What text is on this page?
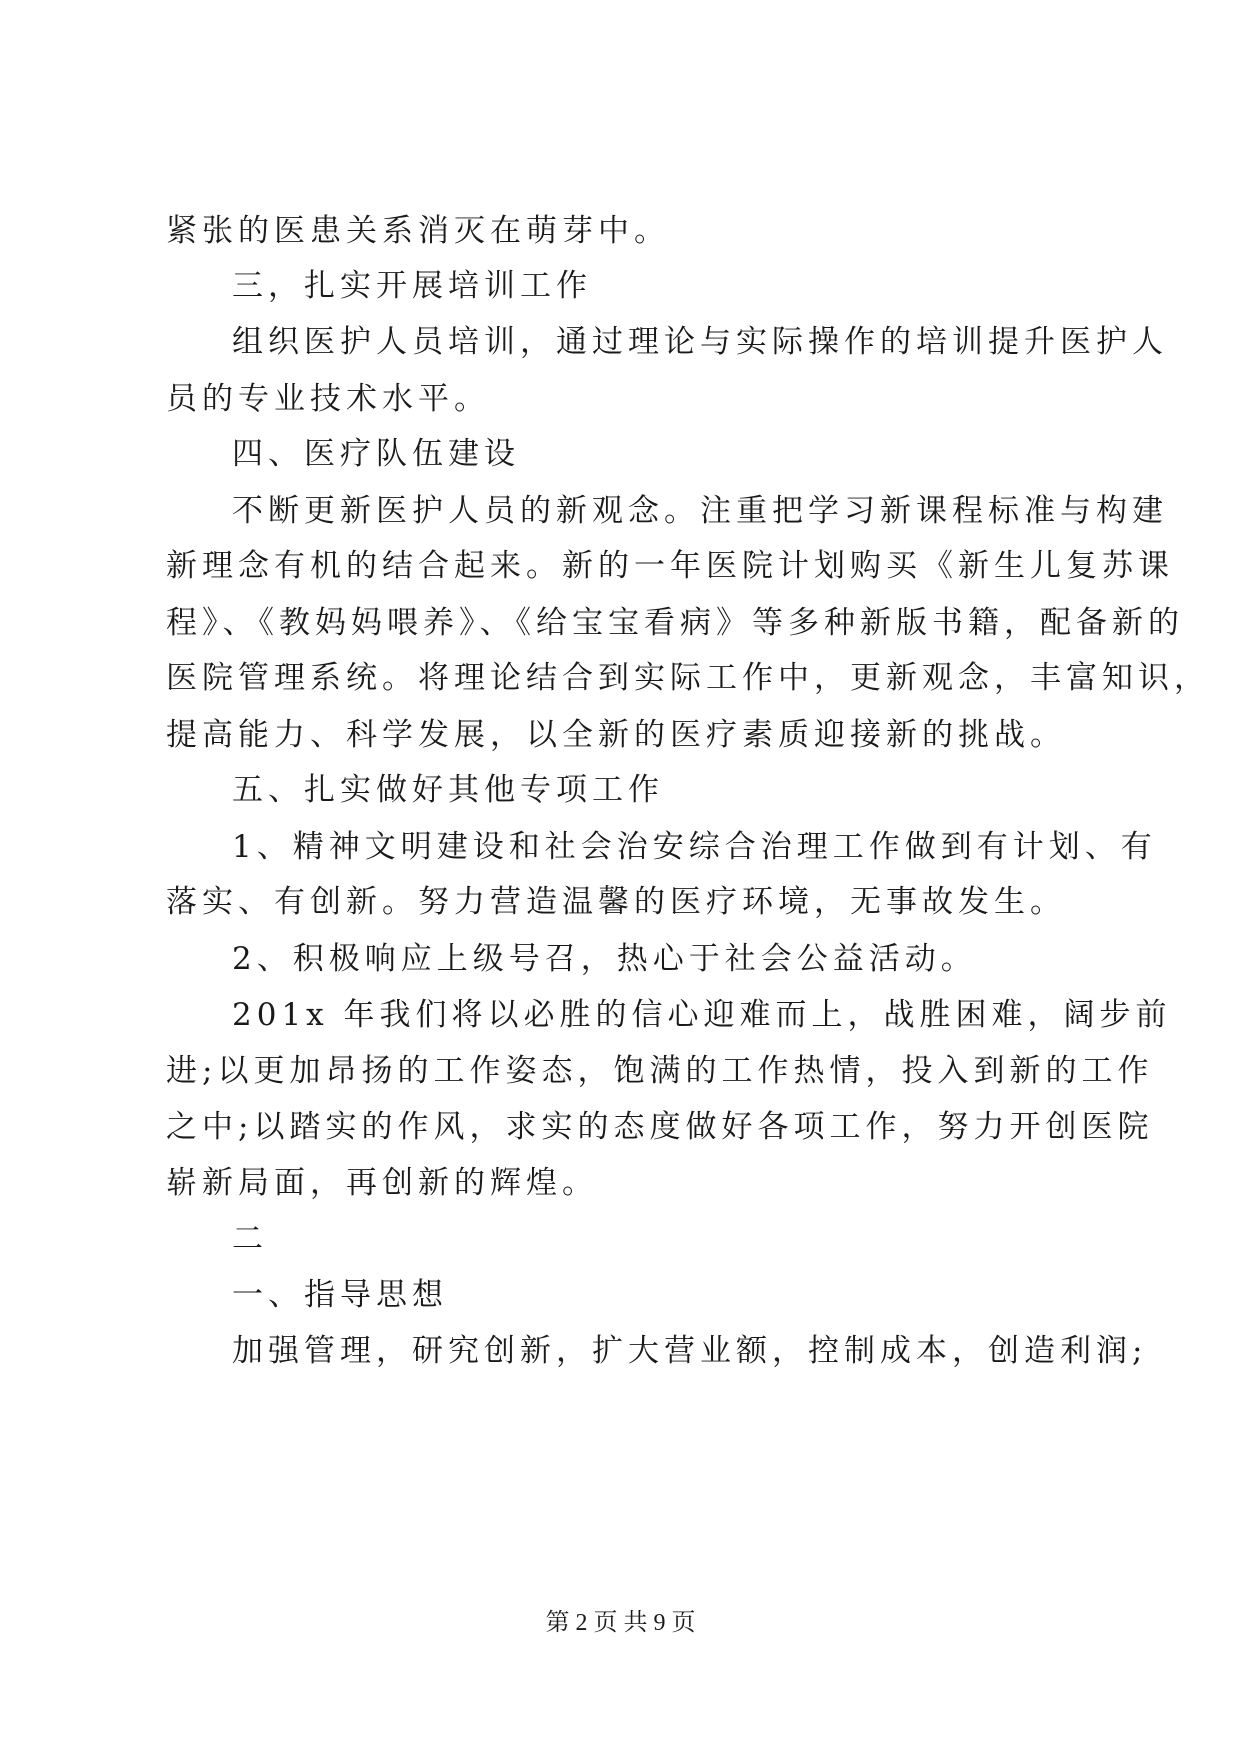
紧张的医患关系消灭在萌芽中。
三，扎实开展培训工作
组织医护人员培训，通过理论与实际操作的培训提升医护人
员的专业技术水平。
四、医疗队伍建设
不断更新医护人员的新观念。注重把学习新课程标准与构建
新理念有机的结合起来。新的一年医院计划购买《新生儿复苏课
程》、《教妈妈喂养》、《给宝宝看病》等多种新版书籍，配备新的
医院管理系统。将理论结合到实际工作中，更新观念，丰富知识，
提高能力、科学发展，以全新的医疗素质迎接新的挑战。
五、扎实做好其他专项工作
1、精神文明建设和社会治安综合治理工作做到有计划、有
落实、有创新。努力营造温馨的医疗环境，无事故发生。
2、积极响应上级号召，热心于社会公益活动。
201x 年我们将以必胜的信心迎难而上，战胜困难，阔步前
进;以更加昂扬的工作姿态，饱满的工作热情，投入到新的工作
之中;以踏实的作风，求实的态度做好各项工作，努力开创医院
崭新局面，再创新的辉煌。
二
一、指导思想
加强管理，研究创新，扩大营业额，控制成本，创造利润;
第 2 页 共 9 页
